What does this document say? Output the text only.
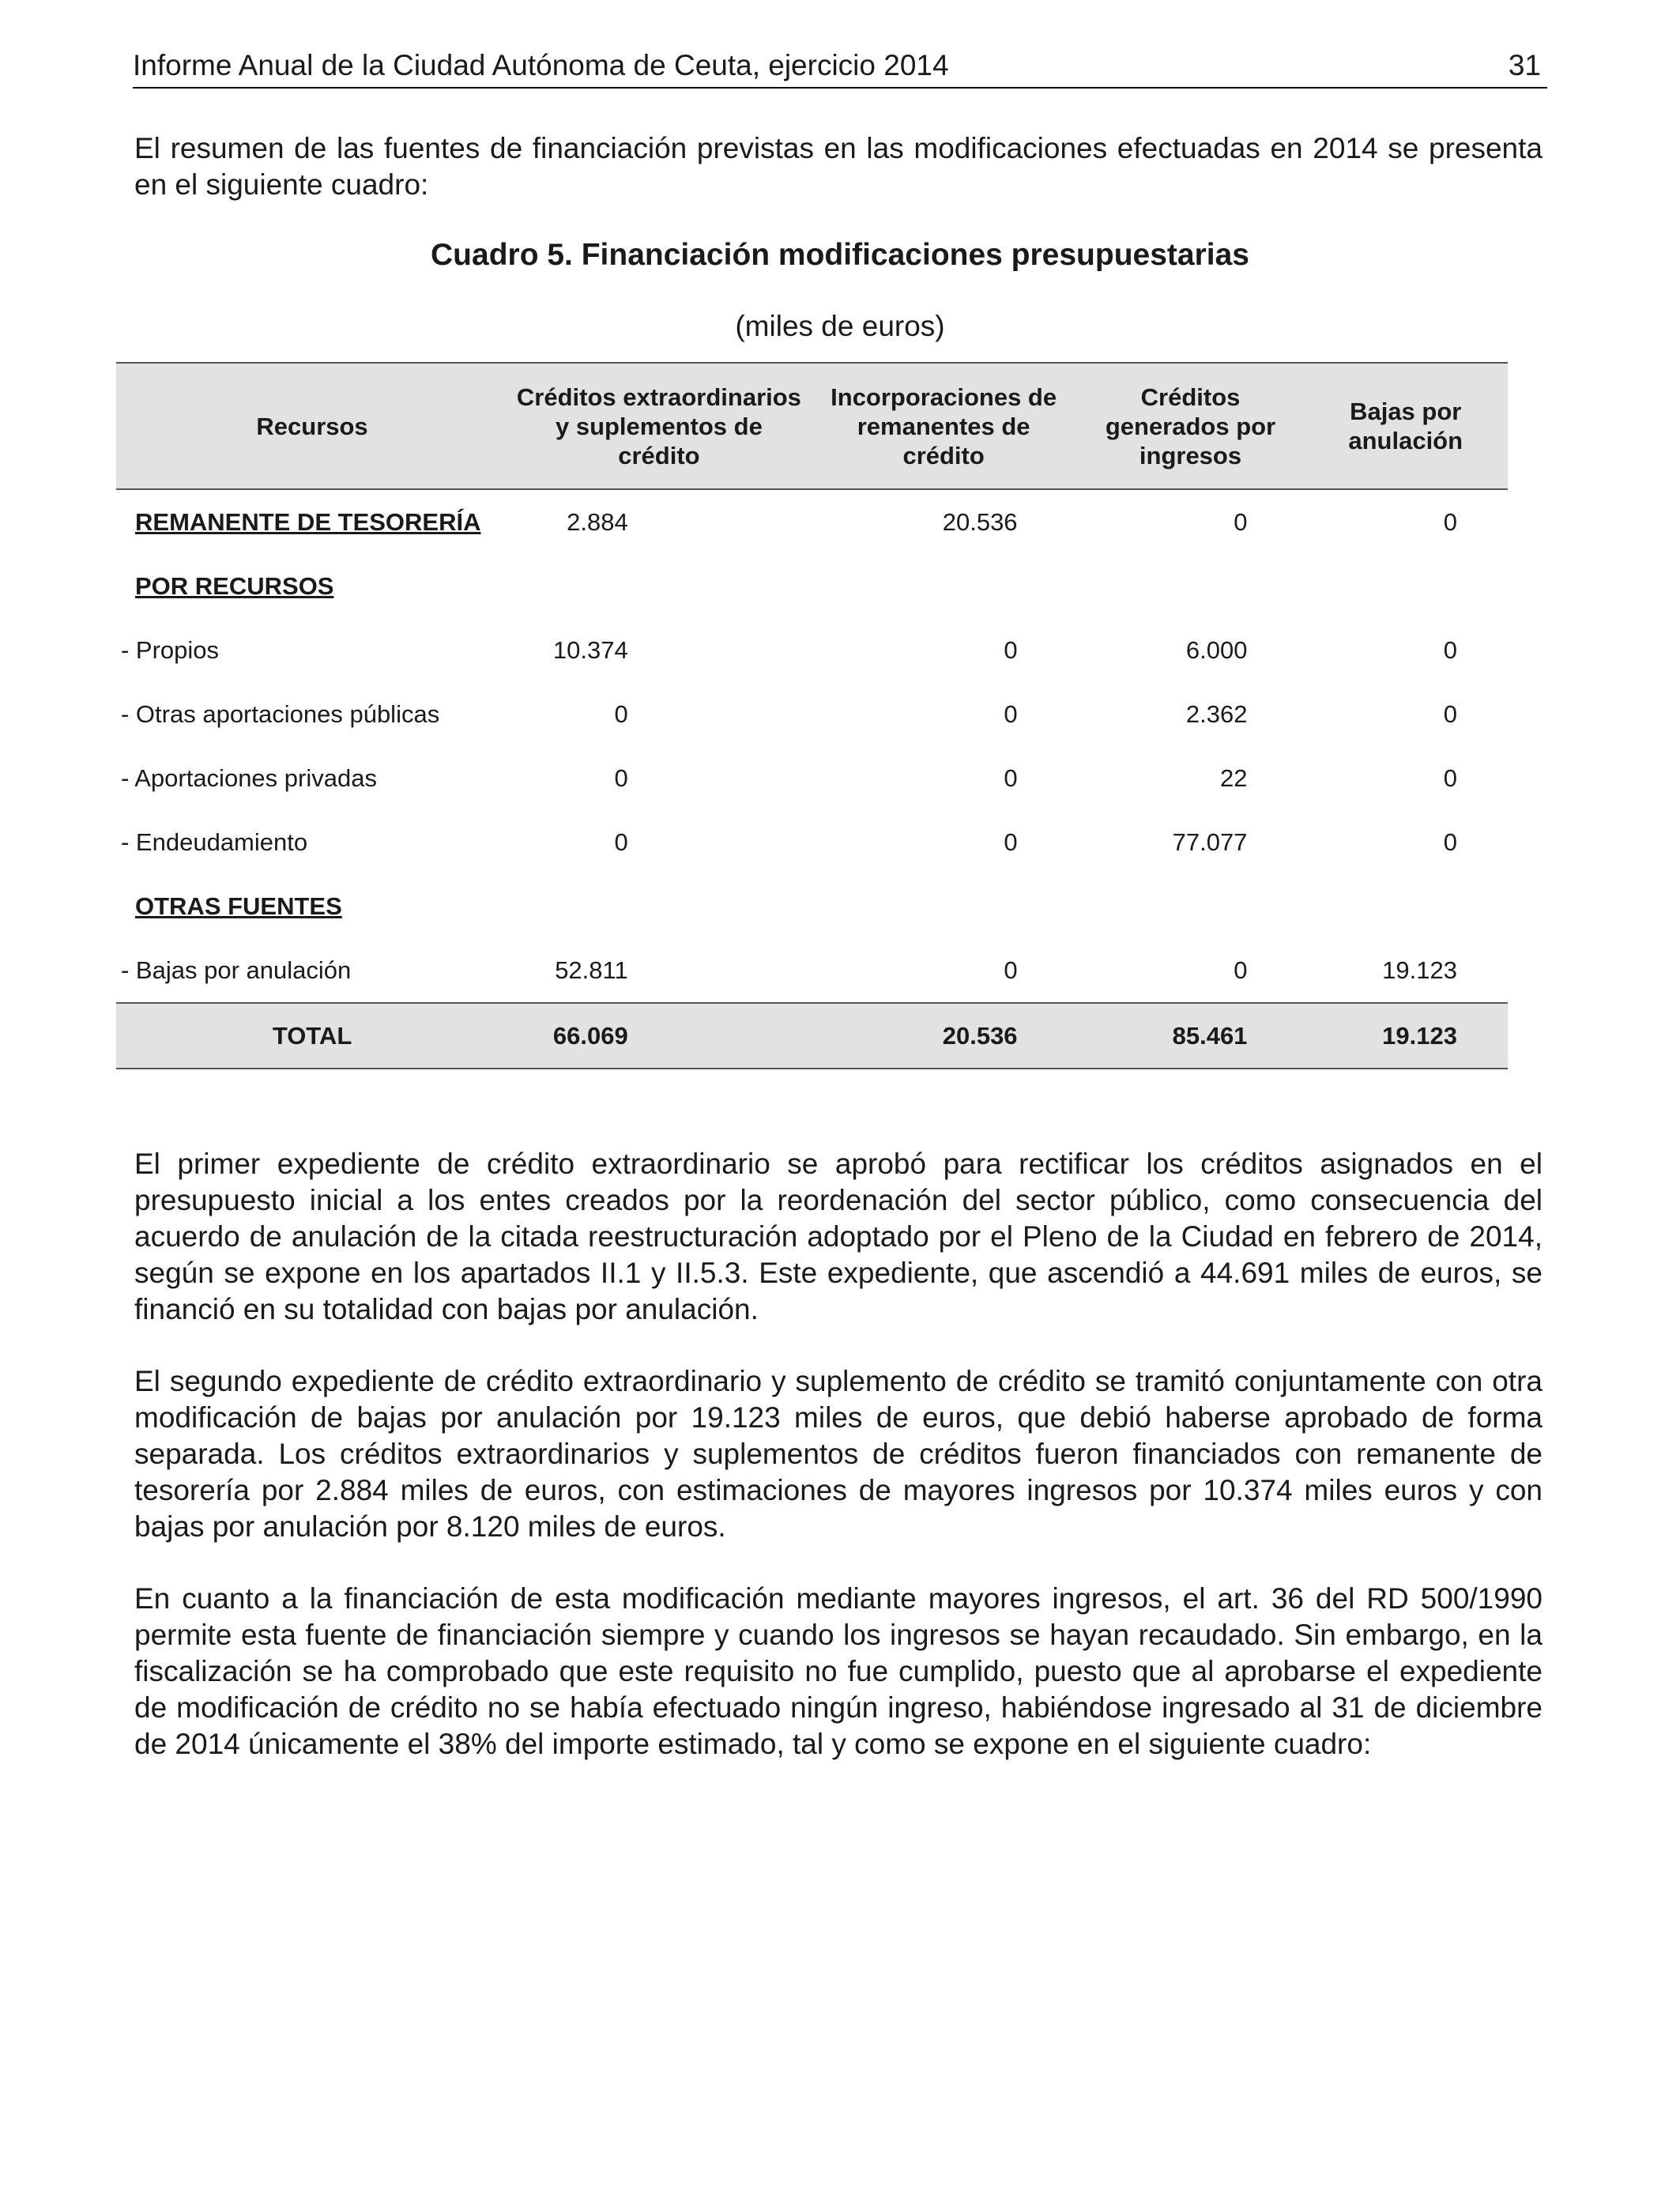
Informe Anual de la Ciudad Autónoma de Ceuta, ejercicio 2014	31

El resumen de las fuentes de financiación previstas en las modificaciones efectuadas en 2014 se presenta en el siguiente cuadro:

Cuadro 5. Financiación modificaciones presupuestarias
(miles de euros)
Recursos	Créditos extraordinarios y suplementos de crédito	Incorporaciones de remanentes de crédito	Créditos generados por ingresos	Bajas por anulación
REMANENTE DE TESORERÍA	2.884	20.536	0	0
POR RECURSOS				
- Propios	10.374	0	6.000	0
- Otras aportaciones públicas	0	0	2.362	0
- Aportaciones privadas	0	0	22	0
- Endeudamiento	0	0	77.077	0
OTRAS FUENTES				
- Bajas por anulación	52.811	0	0	19.123
TOTAL	66.069	20.536	85.461	19.123

El primer expediente de crédito extraordinario se aprobó para rectificar los créditos asignados en el presupuesto inicial a los entes creados por la reordenación del sector público, como consecuencia del acuerdo de anulación de la citada reestructuración adoptado por el Pleno de la Ciudad en febrero de 2014, según se expone en los apartados II.1 y II.5.3. Este expediente, que ascendió a 44.691 miles de euros, se financió en su totalidad con bajas por anulación.

El segundo expediente de crédito extraordinario y suplemento de crédito se tramitó conjuntamente con otra modificación de bajas por anulación por 19.123 miles de euros, que debió haberse aprobado de forma separada. Los créditos extraordinarios y suplementos de créditos fueron financiados con remanente de tesorería por 2.884 miles de euros, con estimaciones de mayores ingresos por 10.374 miles euros y con bajas por anulación por 8.120 miles de euros.

En cuanto a la financiación de esta modificación mediante mayores ingresos, el art. 36 del RD 500/1990 permite esta fuente de financiación siempre y cuando los ingresos se hayan recaudado. Sin embargo, en la fiscalización se ha comprobado que este requisito no fue cumplido, puesto que al aprobarse el expediente de modificación de crédito no se había efectuado ningún ingreso, habiéndose ingresado al 31 de diciembre de 2014 únicamente el 38% del importe estimado, tal y como se expone en el siguiente cuadro:
